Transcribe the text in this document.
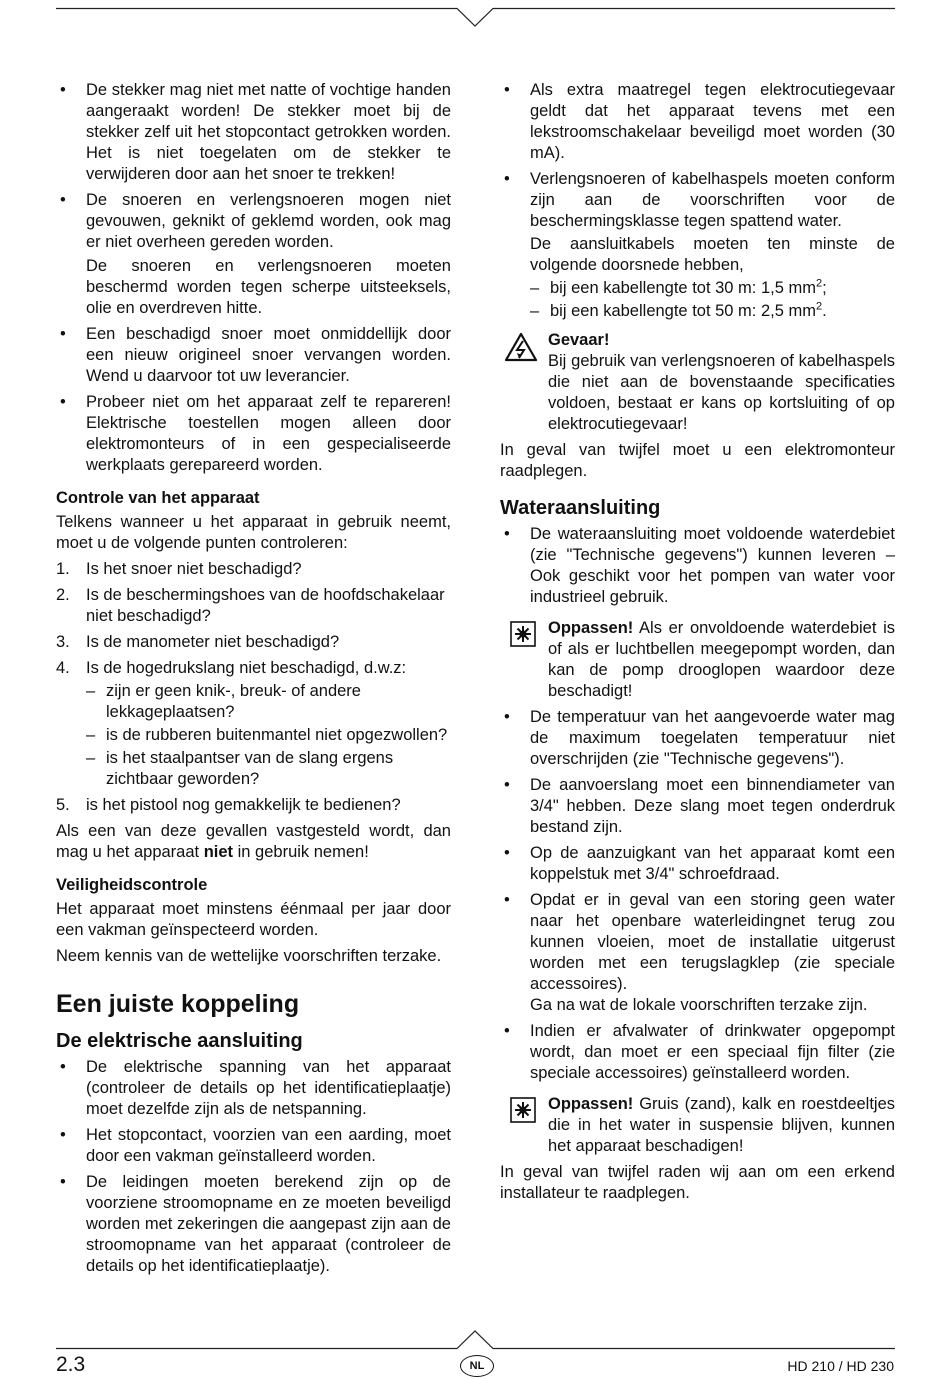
• De stekker mag niet met natte of vochtige handen aangeraakt worden! De stekker moet bij de stekker zelf uit het stopcontact getrokken worden. Het is niet toegelaten om de stekker te verwijderen door aan het snoer te trekken!
• De snoeren en verlengsnoeren mogen niet gevouwen, geknikt of geklemd worden, ook mag er niet overheen gereden worden.
De snoeren en verlengsnoeren moeten beschermd worden tegen scherpe uitsteeksels, olie en overdreven hitte.
• Een beschadigd snoer moet onmiddellijk door een nieuw origineel snoer vervangen worden. Wend u daarvoor tot uw leverancier.
• Probeer niet om het apparaat zelf te repareren! Elektrische toestellen mogen alleen door elektromonteurs of in een gespecialiseerde werkplaats gerepareerd worden.
Controle van het apparaat
Telkens wanneer u het apparaat in gebruik neemt, moet u de volgende punten controleren:
1. Is het snoer niet beschadigd?
2. Is de beschermingshoes van de hoofdschakelaar niet beschadigd?
3. Is de manometer niet beschadigd?
4. Is de hogedrukslang niet beschadigd, d.w.z:
– zijn er geen knik-, breuk- of andere lekkageplaatsen?
– is de rubberen buitenmantel niet opgezwollen?
– is het staalpantser van de slang ergens zichtbaar geworden?
5. is het pistool nog gemakkelijk te bedienen?
Als een van deze gevallen vastgesteld wordt, dan mag u het apparaat niet in gebruik nemen!
Veiligheidscontrole
Het apparaat moet minstens éénmaal per jaar door een vakman geïnspecteerd worden.
Neem kennis van de wettelijke voorschriften terzake.
Een juiste koppeling
De elektrische aansluiting
• De elektrische spanning van het apparaat (controleer de details op het identificatieplaatje) moet dezelfde zijn als de netspanning.
• Het stopcontact, voorzien van een aarding, moet door een vakman geïnstalleerd worden.
• De leidingen moeten berekend zijn op de voorziene stroomopname en ze moeten beveiligd worden met zekeringen die aangepast zijn aan de stroomopname van het apparaat (controleer de details op het identificatieplaatje).
• Als extra maatregel tegen elektrocutiegevaar geldt dat het apparaat tevens met een lekstroomschakelaar beveiligd moet worden (30 mA).
• Verlengsnoeren of kabelhaspels moeten conform zijn aan de voorschriften voor de beschermingsklasse tegen spattend water.
De aansluitkabels moeten ten minste de volgende doorsnede hebben,
– bij een kabellengte tot 30 m: 1,5 $mm^2$;
– bij een kabellengte tot 50 m: 2,5 $mm^2$.
Gevaar!
Bij gebruik van verlengsnoeren of kabelhaspels die niet aan de bovenstaande specificaties voldoen, bestaat er kans op kortsluiting of op elektrocutiegevaar!
In geval van twijfel moet u een elektromonteur raadplegen.
Wateraansluiting
• De wateraansluiting moet voldoende waterdebiet (zie "Technische gegevens") kunnen leveren – Ook geschikt voor het pompen van water voor industrieel gebruik.
Oppassen! Als er onvoldoende waterdebiet is of als er luchtbellen meegepompt worden, dan kan de pomp drooglopen waardoor deze beschadigt!
• De temperatuur van het aangevoerde water mag de maximum toegelaten temperatuur niet overschrijden (zie "Technische gegevens").
• De aanvoerslang moet een binnendiameter van 3/4" hebben. Deze slang moet tegen onderdruk bestand zijn.
• Op de aanzuigkant van het apparaat komt een koppelstuk met 3/4" schroefdraad.
• Opdat er in geval van een storing geen water naar het openbare waterleidingnet terug zou kunnen vloeien, moet de installatie uitgerust worden met een terugslagklep (zie speciale accessoires).
Ga na wat de lokale voorschriften terzake zijn.
• Indien er afvalwater of drinkwater opgepompt wordt, dan moet er een speciaal fijn filter (zie speciale accessoires) geïnstalleerd worden.
Oppassen! Gruis (zand), kalk en roestdeeltjes die in het water in suspensie blijven, kunnen het apparaat beschadigen!
In geval van twijfel raden wij aan om een erkend installateur te raadplegen.
2.3	NL	HD 210 / HD 230
